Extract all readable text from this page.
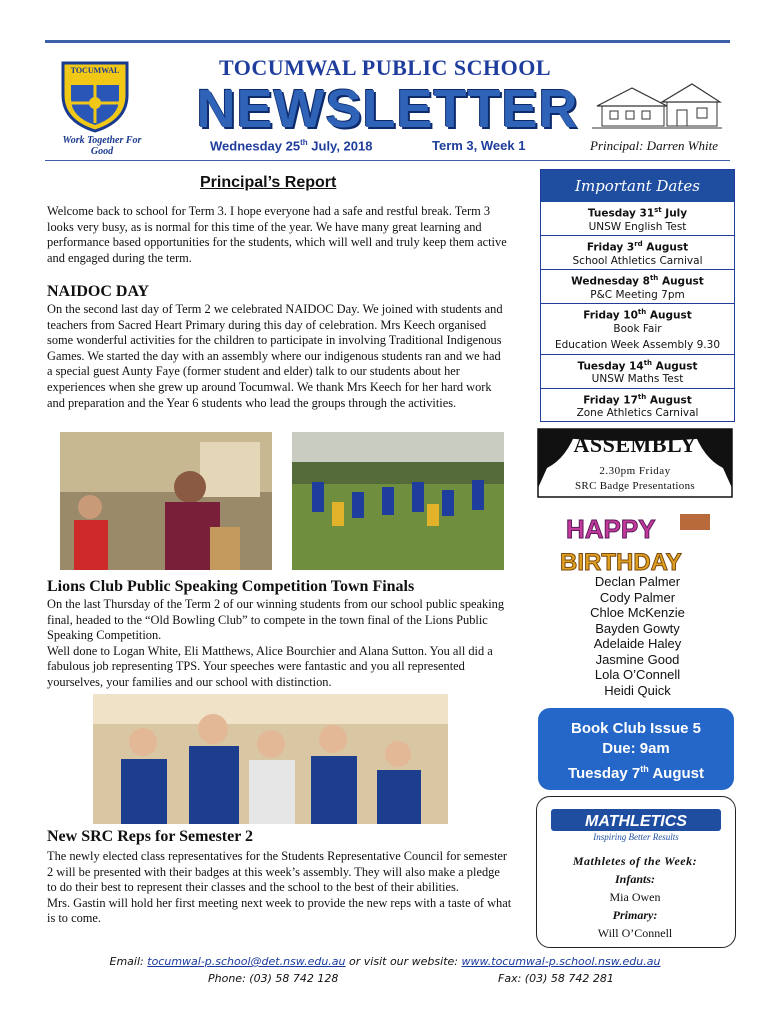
TOCUMWAL
Work Together For Good
TOCUMWAL PUBLIC SCHOOL
NEWSLETTER
Wednesday 25th July, 2018	Term 3, Week 1	Principal: Darren White
Principal’s Report
Welcome back to school for Term 3. I hope everyone had a safe and restful break. Term 3 looks very busy, as is normal for this time of the year. We have many great learning and performance based opportunities for the students, which will well and truly keep them active and engaged during the term.
NAIDOC DAY
On the second last day of Term 2 we celebrated NAIDOC Day. We joined with students and teachers from Sacred Heart Primary during this day of celebration. Mrs Keech organised some wonderful activities for the children to participate in involving Traditional Indigenous Games. We started the day with an assembly where our indigenous students ran and we had a special guest Aunty Faye (former student and elder) talk to our students about her experiences when she grew up around Tocumwal. We thank Mrs Keech for her hard work and preparation and the Year 6 students who lead the groups through the activities.
Lions Club Public Speaking Competition Town Finals
On the last Thursday of the Term 2 of our winning students from our school public speaking final, headed to the “Old Bowling Club” to compete in the town final of the Lions Public Speaking Competition.
Well done to Logan White, Eli Matthews, Alice Bourchier and Alana Sutton. You all did a fabulous job representing TPS. Your speeches were fantastic and you all represented yourselves, your families and our school with distinction.
New SRC Reps for Semester 2
The newly elected class representatives for the Students Representative Council for semester 2 will be presented with their badges at this week’s assembly. They will also make a pledge to do their best to represent their classes and the school to the best of their abilities.
Mrs. Gastin will hold her first meeting next week to provide the new reps with a taste of what is to come.
Email: tocumwal-p.school@det.nsw.edu.au or visit our website: www.tocumwal-p.school.nsw.edu.au
Phone: (03) 58 742 128	Fax: (03) 58 742 281
Important Dates
Tuesday 31st July
UNSW English Test
Friday 3rd August
School Athletics Carnival
Wednesday 8th August
P&C Meeting 7pm
Friday 10th August
Book Fair
Education Week Assembly 9.30
Tuesday 14th August
UNSW Maths Test
Friday 17th August
Zone Athletics Carnival
ASSEMBLY
2.30pm Friday
SRC Badge Presentations
HAPPY
BIRTHDAY
Declan Palmer
Cody Palmer
Chloe McKenzie
Bayden Gowty
Adelaide Haley
Jasmine Good
Lola O’Connell
Heidi Quick
Book Club Issue 5
Due: 9am
Tuesday 7th August
MATHLETICS
Inspiring Better Results
Mathletes of the Week:
Infants:
Mia Owen
Primary:
Will O’Connell
